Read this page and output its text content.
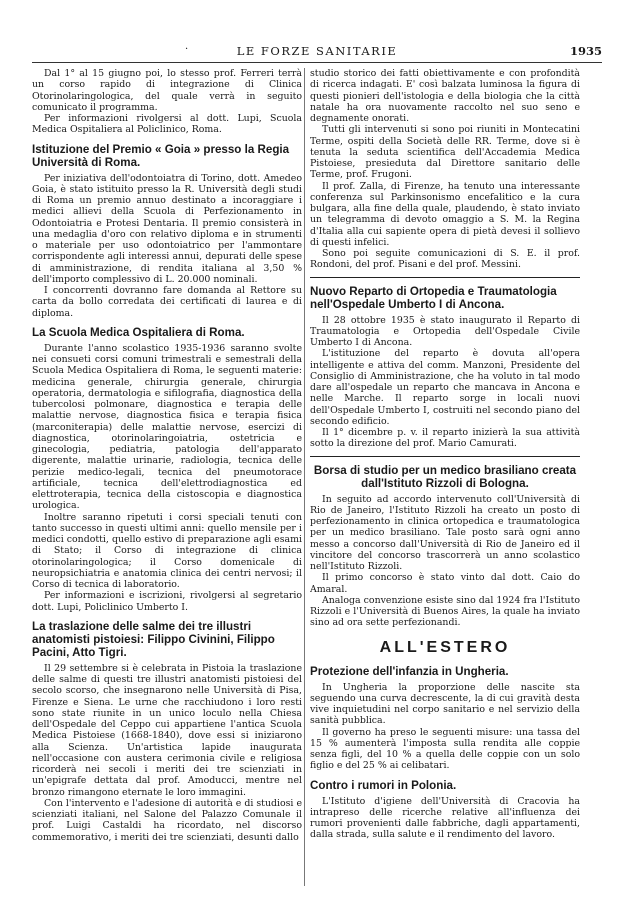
·	LE FORZE SANITARIE	1935

Dal 1° al 15 giugno poi, lo stesso prof. Ferreri terrà un corso rapido di integrazione di Clinica Otorinolaringologica, del quale verrà in seguito comunicato il programma.

Per informazioni rivolgersi al dott. Lupi, Scuola Medica Ospitaliera al Policlinico, Roma.

Istituzione del Premio « Goia » presso la Regia Università di Roma.

Per iniziativa dell'odontoiatra di Torino, dott. Amedeo Goia, è stato istituito presso la R. Università degli studi di Roma un premio annuo destinato a incoraggiare i medici allievi della Scuola di Perfezionamento in Odontoiatria e Protesi Dentaria. Il premio consisterà in una medaglia d'oro con relativo diploma e in strumenti o materiale per uso odontoiatrico per l'ammontare corrispondente agli interessi annui, depurati delle spese di amministrazione, di rendita italiana al 3,50 % dell'importo complessivo di L. 20.000 nominali.

I concorrenti dovranno fare domanda al Rettore su carta da bollo corredata dei certificati di laurea e di diploma.

La Scuola Medica Ospitaliera di Roma.

Durante l'anno scolastico 1935-1936 saranno svolte nei consueti corsi comuni trimestrali e semestrali della Scuola Medica Ospitaliera di Roma, le seguenti materie: medicina generale, chirurgia generale, chirurgia operatoria, dermatologia e sifilografia, diagnostica della tubercolosi polmonare, diagnostica e terapia delle malattie nervose, diagnostica fisica e terapia fisica (marconiterapia) delle malattie nervose, esercizi di diagnostica, otorinolaringoiatria, ostetricia e ginecologia, pediatria, patologia dell'apparato digerente, malattie urinarie, radiologia, tecnica delle perizie medico-legali, tecnica del pneumotorace artificiale, tecnica dell'elettrodiagnostica ed elettroterapia, tecnica della cistoscopia e diagnostica urologica.

Inoltre saranno ripetuti i corsi speciali tenuti con tanto successo in questi ultimi anni: quello mensile per i medici condotti, quello estivo di preparazione agli esami di Stato; il Corso di integrazione di clinica otorinolaringologica; il Corso domenicale di neuropsichiatria e anatomia clinica dei centri nervosi; il Corso di tecnica di laboratorio.

Per informazioni e iscrizioni, rivolgersi al segretario dott. Lupi, Policlinico Umberto I.

La traslazione delle salme dei tre illustri anatomisti pistoiesi: Filippo Civinini, Filippo Pacini, Atto Tigri.

Il 29 settembre si è celebrata in Pistoia la traslazione delle salme di questi tre illustri anatomisti pistoiesi del secolo scorso, che insegnarono nelle Università di Pisa, Firenze e Siena. Le urne che racchiudono i loro resti sono state riunite in un unico loculo nella Chiesa dell'Ospedale del Ceppo cui appartiene l'antica Scuola Medica Pistoiese (1668-1840), dove essi si iniziarono alla Scienza. Un'artistica lapide inaugurata nell'occasione con austera cerimonia civile e religiosa ricorderà nei secoli i meriti dei tre scienziati in un'epigrafe dettata dal prof. Amoducci, mentre nel bronzo rimangono eternate le loro immagini.

Con l'intervento e l'adesione di autorità e di studiosi e scienziati italiani, nel Salone del Palazzo Comunale il prof. Luigi Castaldi ha ricordato, nel discorso commemorativo, i meriti dei tre scienziati, desunti dallo

studio storico dei fatti obiettivamente e con profondità di ricerca indagati. E' così balzata luminosa la figura di questi pionieri dell'istologia e della biologia che la città natale ha ora nuovamente raccolto nel suo seno e degnamente onorati.

Tutti gli intervenuti si sono poi riuniti in Montecatini Terme, ospiti della Società delle RR. Terme, dove si è tenuta la seduta scientifica dell'Accademia Medica Pistoiese, presieduta dal Direttore sanitario delle Terme, prof. Frugoni.

Il prof. Zalla, di Firenze, ha tenuto una interessante conferenza sul Parkinsonismo encefalitico e la cura bulgara, alla fine della quale, plaudendo, è stato inviato un telegramma di devoto omaggio a S. M. la Regina d'Italia alla cui sapiente opera di pietà devesi il sollievo di questi infelici.

Sono poi seguite comunicazioni di S. E. il prof. Rondoni, del prof. Pisani e del prof. Messini.

Nuovo Reparto di Ortopedia e Traumatologia nell'Ospedale Umberto I di Ancona.

Il 28 ottobre 1935 è stato inaugurato il Reparto di Traumatologia e Ortopedia dell'Ospedale Civile Umberto I di Ancona.

L'istituzione del reparto è dovuta all'opera intelligente e attiva del comm. Manzoni, Presidente del Consiglio di Amministrazione, che ha voluto in tal modo dare all'ospedale un reparto che mancava in Ancona e nelle Marche. Il reparto sorge in locali nuovi dell'Ospedale Umberto I, costruiti nel secondo piano del secondo edificio.

Il 1° dicembre p. v. il reparto inizierà la sua attività sotto la direzione del prof. Mario Camurati.

Borsa di studio per un medico brasiliano creata dall'Istituto Rizzoli di Bologna.

In seguito ad accordo intervenuto coll'Università di Rio de Janeiro, l'Istituto Rizzoli ha creato un posto di perfezionamento in clinica ortopedica e traumatologica per un medico brasiliano. Tale posto sarà ogni anno messo a concorso dall'Università di Rio de Janeiro ed il vincitore del concorso trascorrerà un anno scolastico nell'Istituto Rizzoli.

Il primo concorso è stato vinto dal dott. Caio do Amaral.

Analoga convenzione esiste sino dal 1924 fra l'Istituto Rizzoli e l'Università di Buenos Aires, la quale ha inviato sino ad ora sette perfezionandi.

ALL'ESTERO
Protezione dell'infanzia in Ungheria.

In Ungheria la proporzione delle nascite sta seguendo una curva decrescente, la di cui gravità desta vive inquietudini nel corpo sanitario e nel servizio della sanità pubblica.

Il governo ha preso le seguenti misure: una tassa del 15 % aumenterà l'imposta sulla rendita alle coppie senza figli, del 10 % a quella delle coppie con un solo figlio e del 25 % ai celibatari.

Contro i rumori in Polonia.

L'Istituto d'igiene dell'Università di Cracovia ha intrapreso delle ricerche relative all'influenza dei rumori provenienti dalle fabbriche, dagli appartamenti, dalla strada, sulla salute e il rendimento del lavoro.
